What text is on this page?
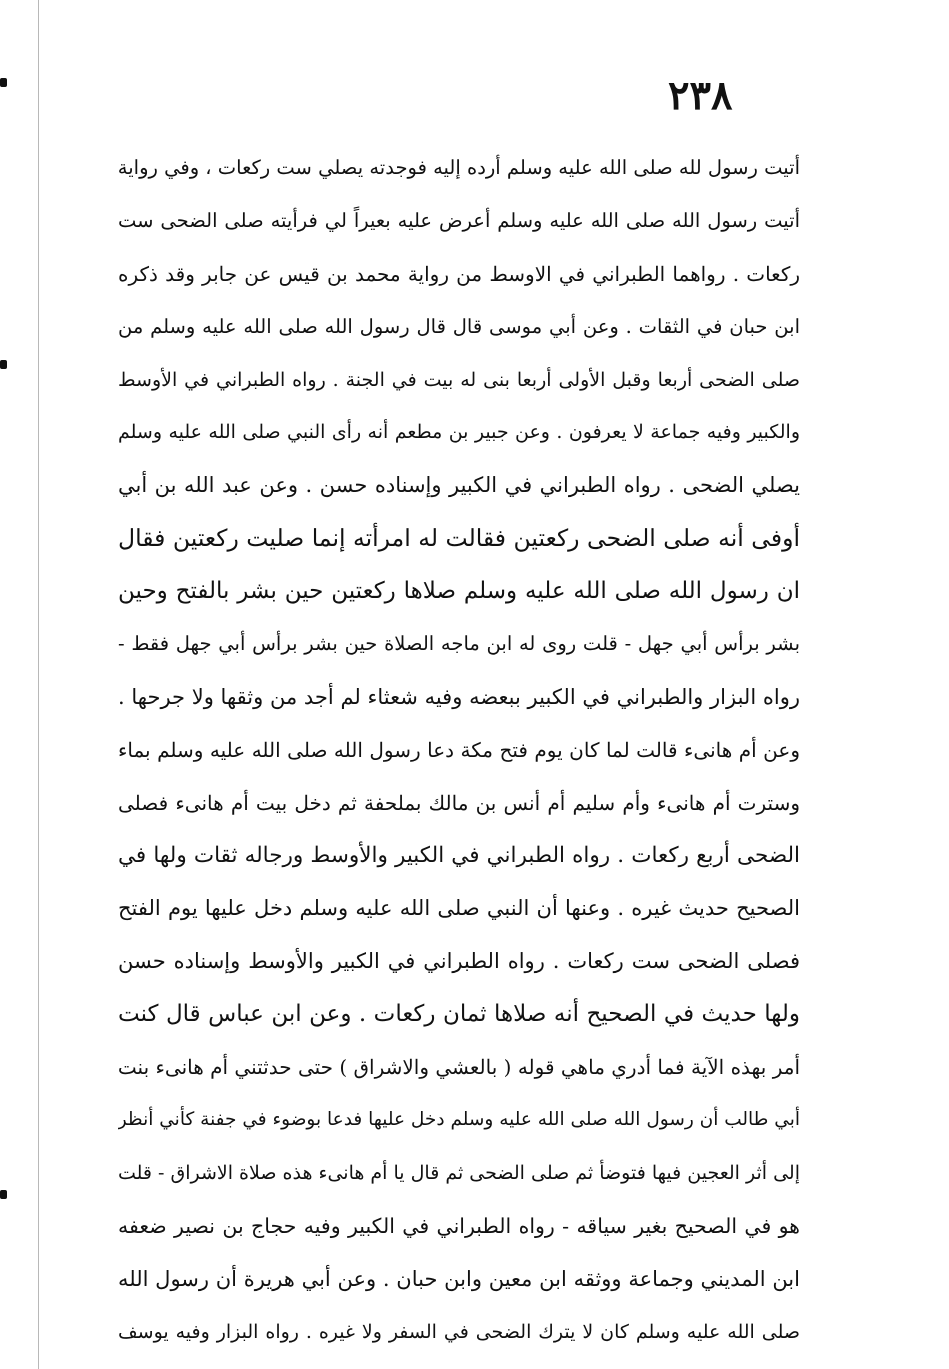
٢٣٨
أتيت رسول لله صلى الله عليه وسلم أرده إليه فوجدته يصلي ست ركعات ، وفي رواية
أتيت رسول الله صلى الله عليه وسلم أعرض عليه بعيراً لي فرأيته صلى الضحى ست
ركعات . رواهما الطبراني في الاوسط من رواية محمد بن قيس عن جابر وقد ذكره
ابن حبان في الثقات . وعن أبي موسى قال قال رسول الله صلى الله عليه وسلم من
صلى الضحى أربعا وقبل الأولى أربعا بنى له بيت في الجنة . رواه الطبراني في الأوسط
والكبير وفيه جماعة لا يعرفون . وعن جبير بن مطعم أنه رأى النبي صلى الله عليه وسلم
يصلي الضحى . رواه الطبراني في الكبير وإسناده حسن . وعن عبد الله بن أبي
أوفى أنه صلى الضحى ركعتين فقالت له امرأته إنما صليت ركعتين فقال
ان رسول الله صلى الله عليه وسلم صلاها ركعتين حين بشر بالفتح وحين
بشر برأس أبي جهل - قلت روى له ابن ماجه الصلاة حين بشر برأس أبي جهل فقط -
رواه البزار والطبراني في الكبير ببعضه وفيه شعثاء لم أجد من وثقها ولا جرحها .
وعن أم هانىء قالت لما كان يوم فتح مكة دعا رسول الله صلى الله عليه وسلم بماء
وسترت أم هانىء وأم سليم أم أنس بن مالك بملحفة ثم دخل بيت أم هانىء فصلى
الضحى أربع ركعات . رواه الطبراني في الكبير والأوسط ورجاله ثقات ولها في
الصحيح حديث غيره . وعنها أن النبي صلى الله عليه وسلم دخل عليها يوم الفتح
فصلى الضحى ست ركعات . رواه الطبراني في الكبير والأوسط وإسناده حسن
ولها حديث في الصحيح أنه صلاها ثمان ركعات . وعن ابن عباس قال كنت
أمر بهذه الآية فما أدري ماهي قوله ( بالعشي والاشراق ) حتى حدثتني أم هانىء بنت
أبي طالب أن رسول الله صلى الله عليه وسلم دخل عليها فدعا بوضوء في جفنة كأني أنظر
إلى أثر العجين فيها فتوضأ ثم صلى الضحى ثم قال يا أم هانىء هذه صلاة الاشراق - قلت
هو في الصحيح بغير سياقه - رواه الطبراني في الكبير وفيه حجاج بن نصير ضعفه
ابن المديني وجماعة ووثقه ابن معين وابن حبان . وعن أبي هريرة أن رسول الله
صلى الله عليه وسلم كان لا يترك الضحى في السفر ولا غيره . رواه البزار وفيه يوسف
